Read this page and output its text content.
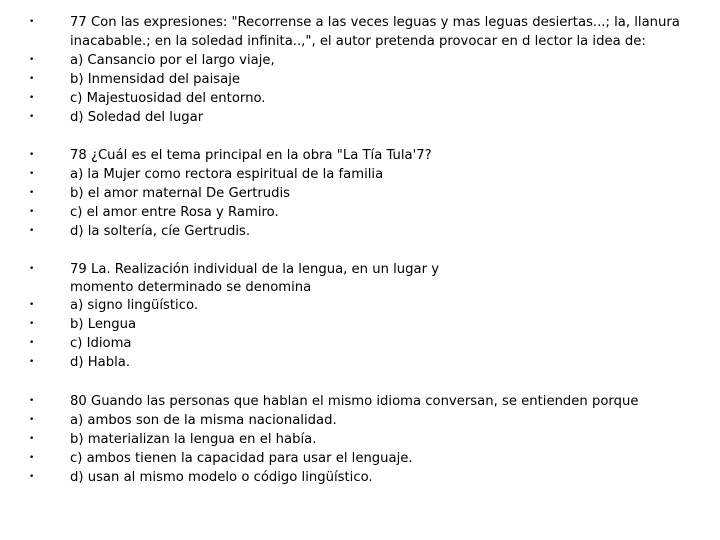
•
77 Con las expresiones: "Recorrense a las veces leguas y mas leguas desiertas...; la, llanura
inacabable.; en la soledad infinita..,", el autor pretenda provocar en d lector la idea de:
•
a) Cansancio por el largo viaje,
•
b) Inmensidad del paisaje
•
c) Majestuosidad del entorno.
•
d) Soledad del lugar
•
78 ¿Cuál es el tema principal en la obra "La Tía Tula'7?
•
a) la Mujer como rectora espiritual de la familia
•
b) el amor maternal De Gertrudis
•
c) el amor entre Rosa y Ramiro.
•
d) la soltería, cíe Gertrudis.
•
79 La. Realización individual de la lengua, en un lugar y
momento determinado se denomina
•
a) signo lingüístico.
•
b) Lengua
•
c) Idioma
•
d) Habla.
•
80 Guando las personas que hablan el mismo idioma conversan, se entienden porque
•
a) ambos son de la misma nacionalidad.
•
b) materializan la lengua en el había.
•
c) ambos tienen la capacidad para usar el lenguaje.
•
d) usan al mismo modelo o código lingüístico.
